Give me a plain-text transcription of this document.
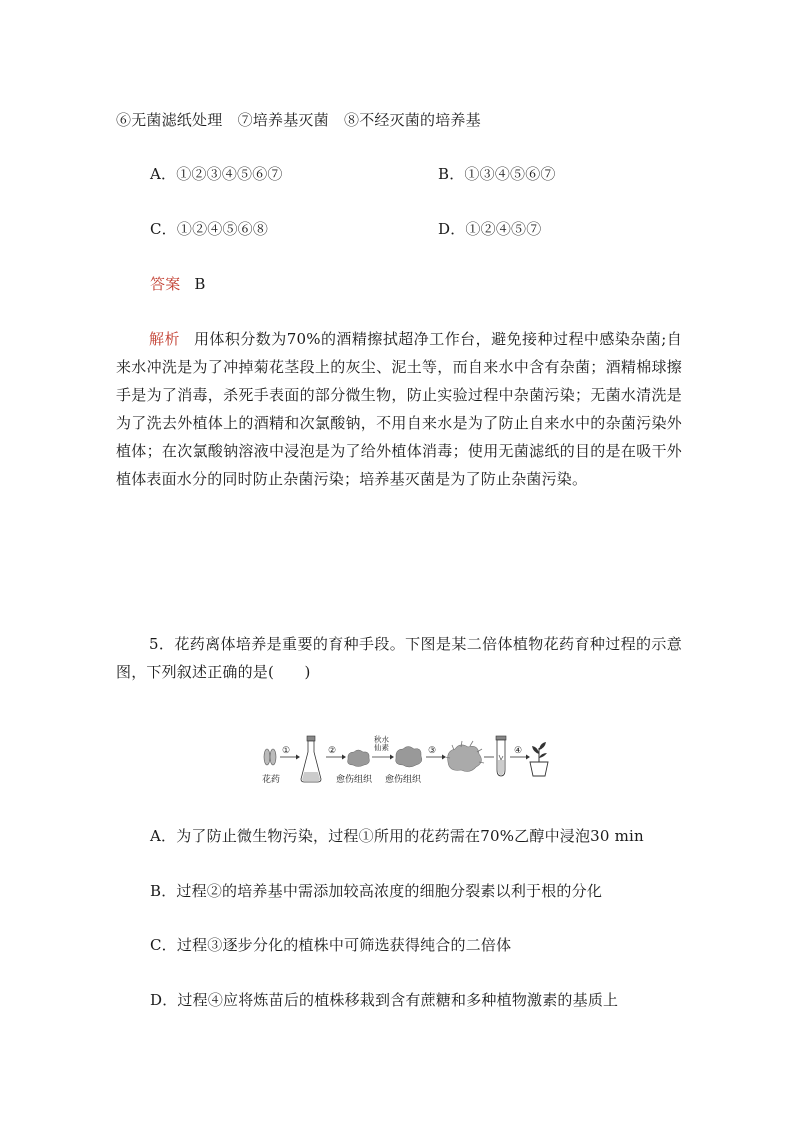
⑥无菌滤纸处理　⑦培养基灭菌　⑧不经灭菌的培养基
A．①②③④⑤⑥⑦	B．①③④⑤⑥⑦
C．①②④⑤⑥⑧	D．①②④⑤⑦
答案 B
解析 用体积分数为70%的酒精擦拭超净工作台，避免接种过程中感染杂菌;自来水冲洗是为了冲掉菊花茎段上的灰尘、泥土等，而自来水中含有杂菌；酒精棉球擦手是为了消毒，杀死手表面的部分微生物，防止实验过程中杂菌污染；无菌水清洗是为了洗去外植体上的酒精和次氯酸钠，不用自来水是为了防止自来水中的杂菌污染外植体；在次氯酸钠溶液中浸泡是为了给外植体消毒；使用无菌滤纸的目的是在吸干外植体表面水分的同时防止杂菌污染；培养基灭菌是为了防止杂菌污染。
5．花药离体培养是重要的育种手段。下图是某二倍体植物花药育种过程的示意图，下列叙述正确的是(　　)
花药
①	②
愈伤组织
秋水
仙素
愈伤组织
③	④
A．为了防止微生物污染，过程①所用的花药需在70%乙醇中浸泡30 min
B．过程②的培养基中需添加较高浓度的细胞分裂素以利于根的分化
C．过程③逐步分化的植株中可筛选获得纯合的二倍体
D．过程④应将炼苗后的植株移栽到含有蔗糖和多种植物激素的基质上
